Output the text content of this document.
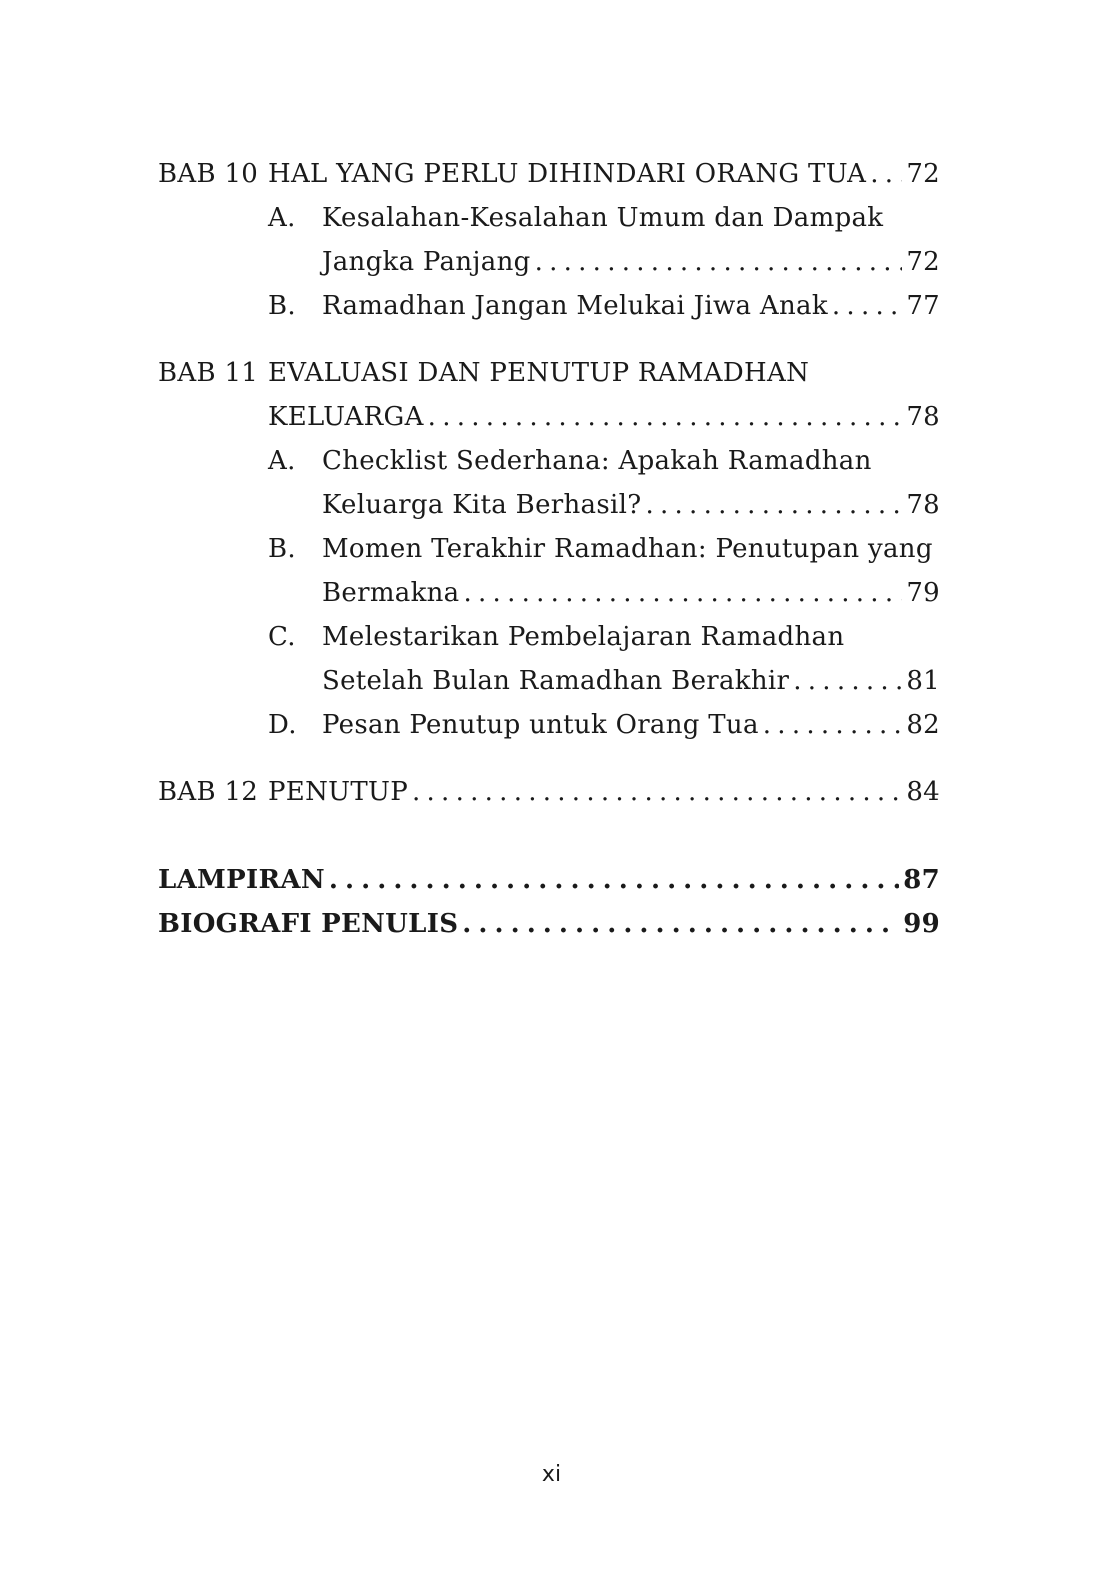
BAB 10 HAL YANG PERLU DIHINDARI ORANG TUA . . . 72
A. Kesalahan-Kesalahan Umum dan Dampak
Jangka Panjang . . .	72
B. Ramadhan Jangan Melukai Jiwa Anak . . .	77
BAB 11 EVALUASI DAN PENUTUP RAMADHAN
KELUARGA . . .	78
A. Checklist Sederhana: Apakah Ramadhan
Keluarga Kita Berhasil? . . .	78
B. Momen Terakhir Ramadhan: Penutupan yang
Bermakna . . .	79
C. Melestarikan Pembelajaran Ramadhan
Setelah Bulan Ramadhan Berakhir . . .	81
D. Pesan Penutup untuk Orang Tua . . .	82
BAB 12 PENUTUP . . .	84
LAMPIRAN . . .	87
BIOGRAFI PENULIS . . .	99
xi
